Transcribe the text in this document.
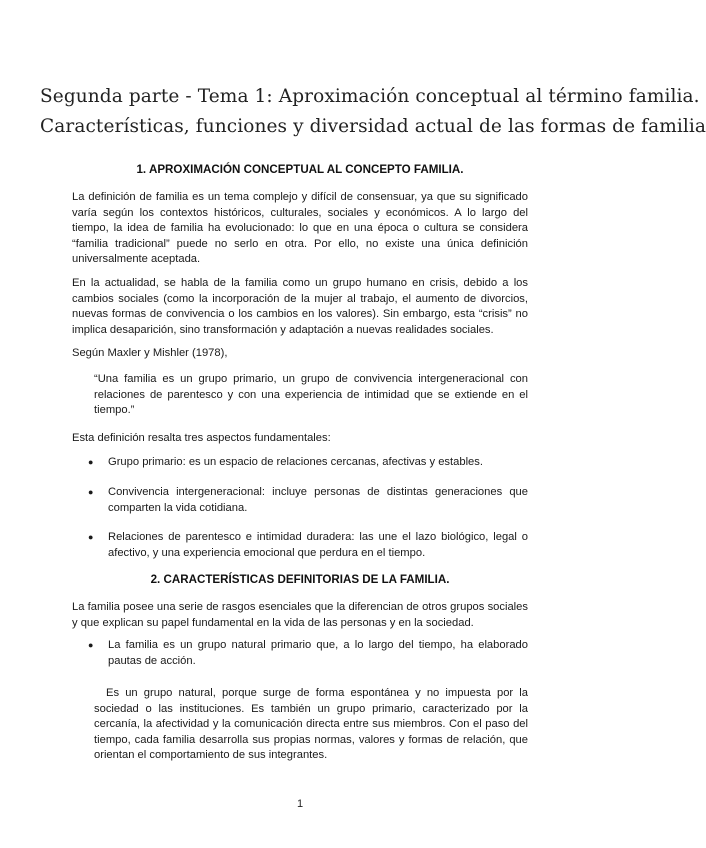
Segunda parte - Tema 1: Aproximación conceptual al término familia.
Características, funciones y diversidad actual de las formas de familia
1. APROXIMACIÓN CONCEPTUAL AL CONCEPTO FAMILIA.
La definición de familia es un tema complejo y difícil de consensuar, ya que su significado varía según los contextos históricos, culturales, sociales y económicos. A lo largo del tiempo, la idea de familia ha evolucionado: lo que en una época o cultura se considera “familia tradicional” puede no serlo en otra. Por ello, no existe una única definición universalmente aceptada.
En la actualidad, se habla de la familia como un grupo humano en crisis, debido a los cambios sociales (como la incorporación de la mujer al trabajo, el aumento de divorcios, nuevas formas de convivencia o los cambios en los valores). Sin embargo, esta “crisis” no implica desaparición, sino transformación y adaptación a nuevas realidades sociales.
Según Maxler y Mishler (1978),
“Una familia es un grupo primario, un grupo de convivencia intergeneracional con relaciones de parentesco y con una experiencia de intimidad que se extiende en el tiempo.”
Esta definición resalta tres aspectos fundamentales:
●	Grupo primario: es un espacio de relaciones cercanas, afectivas y estables.
●	Convivencia intergeneracional: incluye personas de distintas generaciones que comparten la vida cotidiana.
●	Relaciones de parentesco e intimidad duradera: las une el lazo biológico, legal o afectivo, y una experiencia emocional que perdura en el tiempo.
2. CARACTERÍSTICAS DEFINITORIAS DE LA FAMILIA.
La familia posee una serie de rasgos esenciales que la diferencian de otros grupos sociales y que explican su papel fundamental en la vida de las personas y en la sociedad.
●	La familia es un grupo natural primario que, a lo largo del tiempo, ha elaborado pautas de acción.
Es un grupo natural, porque surge de forma espontánea y no impuesta por la sociedad o las instituciones. Es también un grupo primario, caracterizado por la cercanía, la afectividad y la comunicación directa entre sus miembros. Con el paso del tiempo, cada familia desarrolla sus propias normas, valores y formas de relación, que orientan el comportamiento de sus integrantes.
1
